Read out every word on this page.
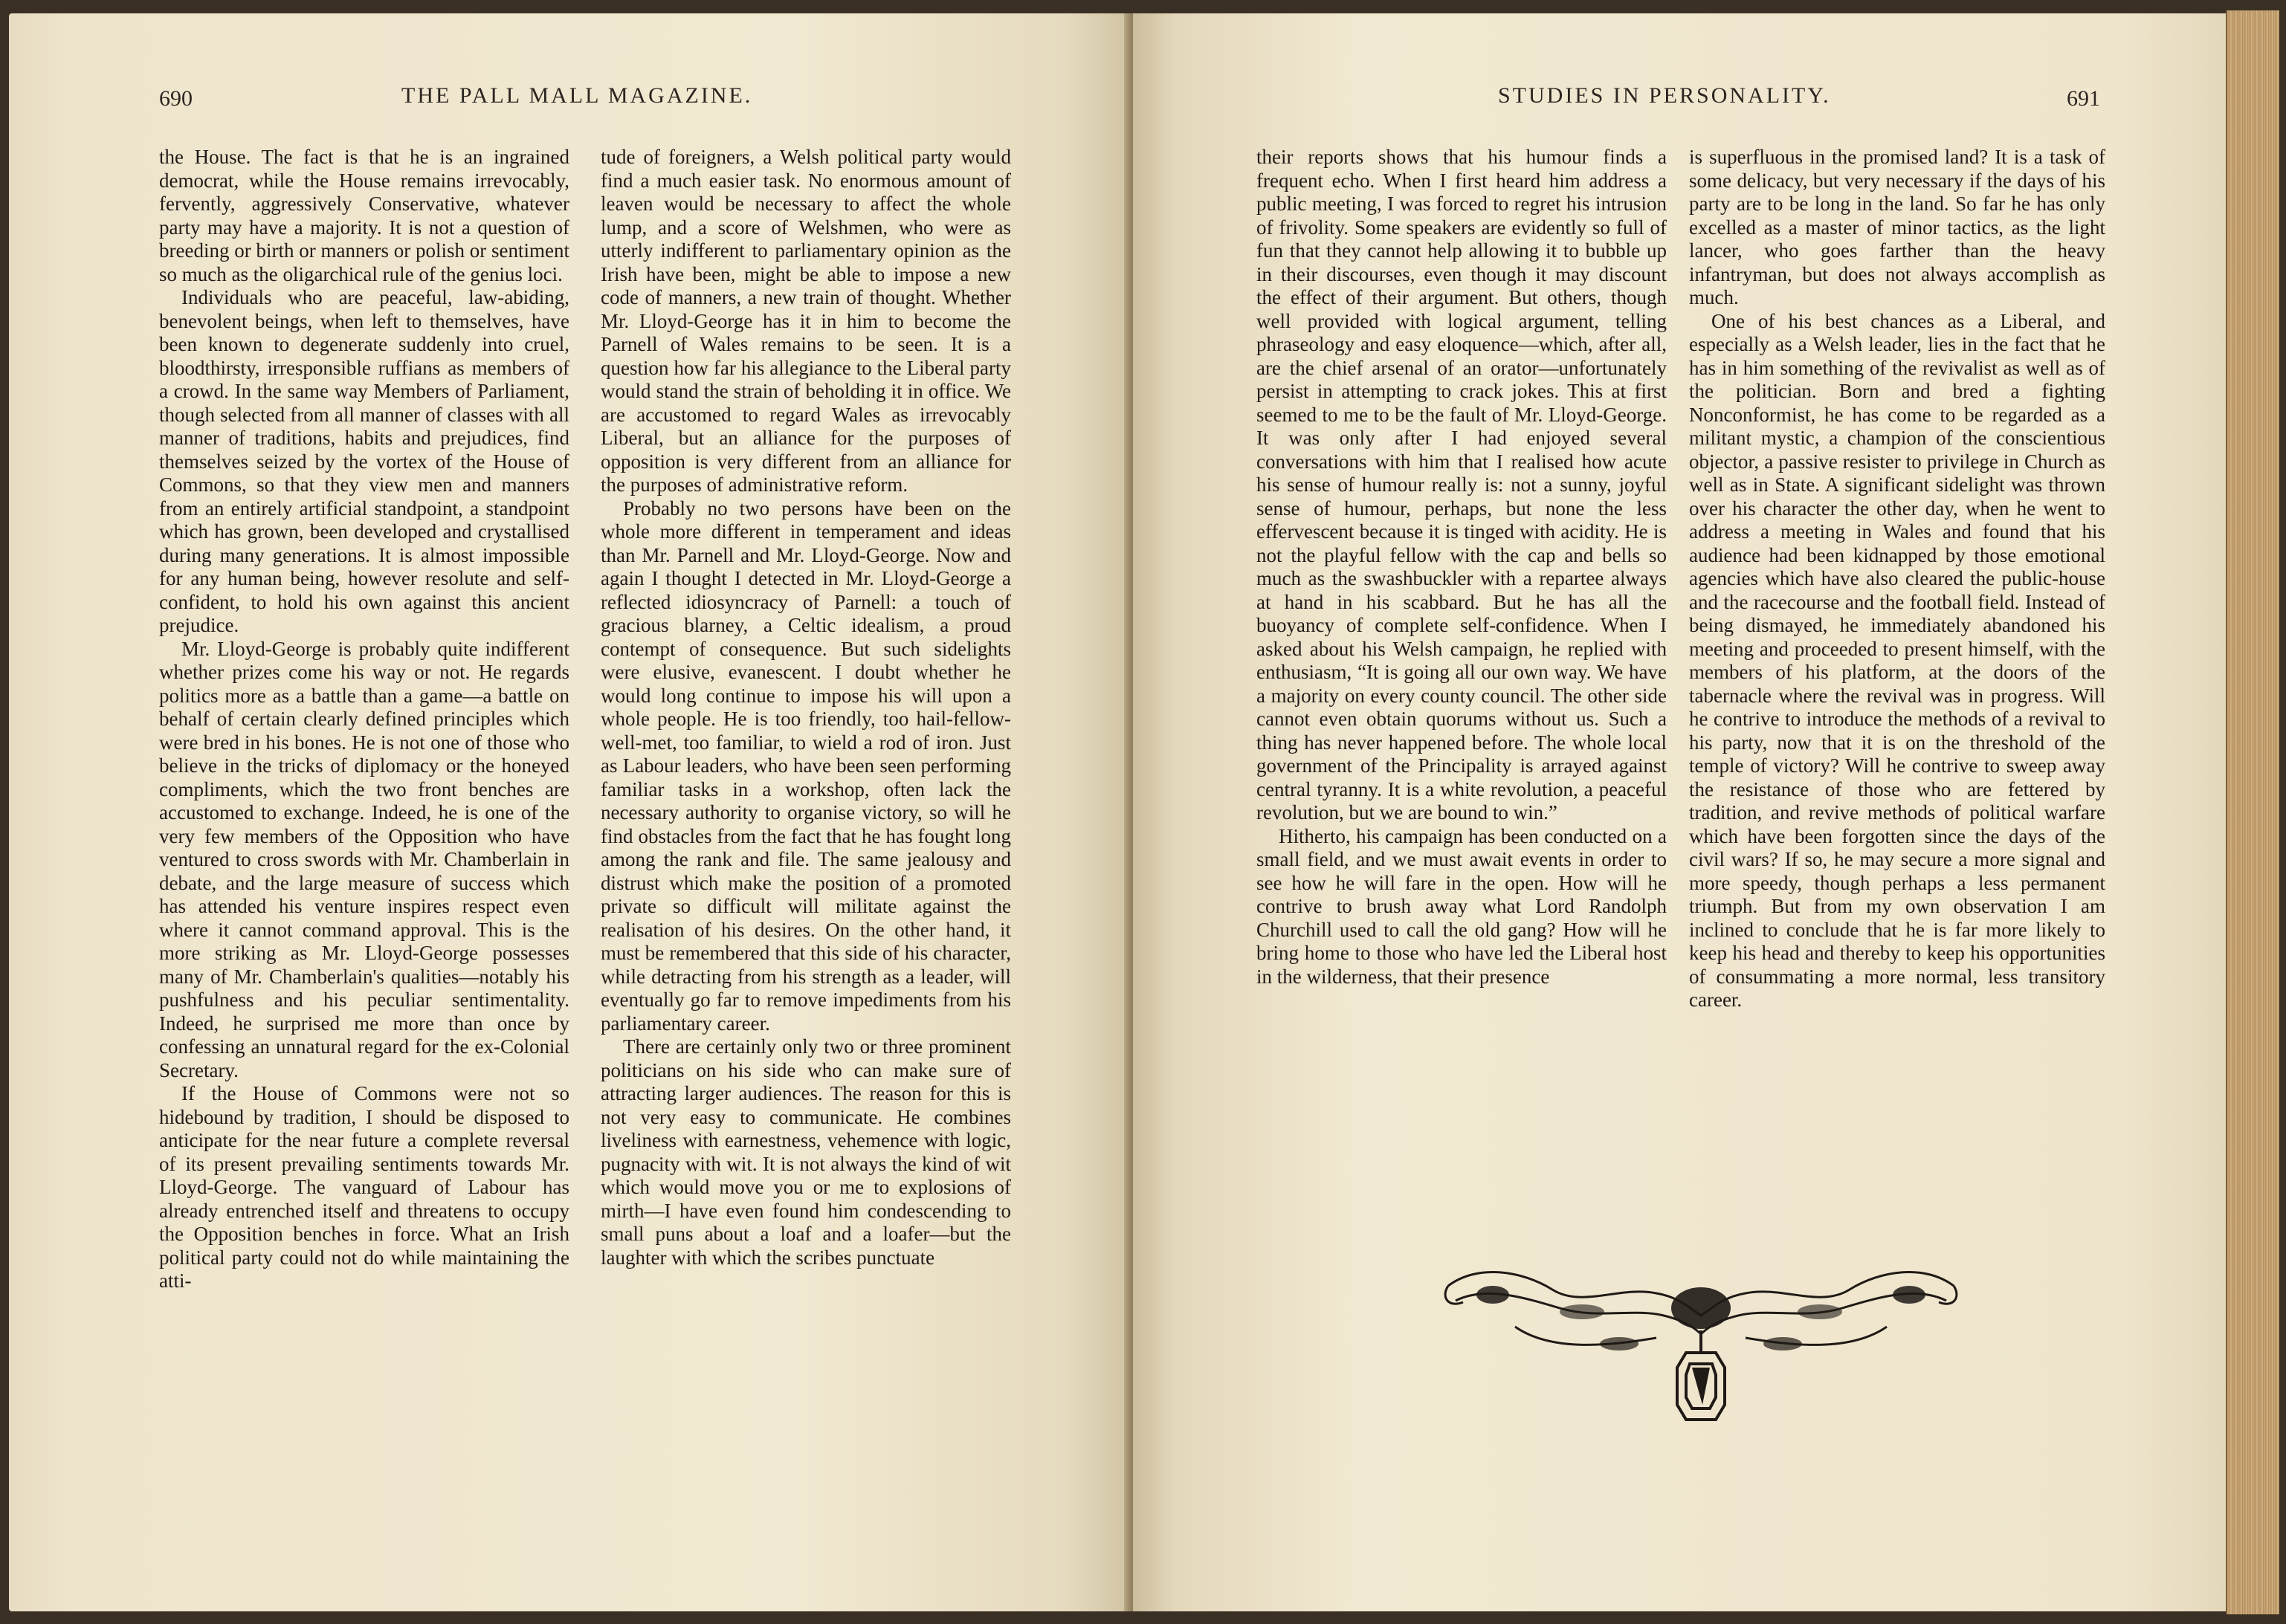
690	THE PALL MALL MAGAZINE.	STUDIES IN PERSONALITY.	691

the House. The fact is that he is an ingrained democrat, while the House remains irrevocably, fervently, aggressively Conservative, whatever party may have a majority. It is not a question of breeding or birth or manners or polish or sentiment so much as the oligarchical rule of the genius loci.

Individuals who are peaceful, law-abiding, benevolent beings, when left to themselves, have been known to degenerate suddenly into cruel, bloodthirsty, irresponsible ruffians as members of a crowd. In the same way Members of Parliament, though selected from all manner of classes with all manner of traditions, habits and prejudices, find themselves seized by the vortex of the House of Commons, so that they view men and manners from an entirely artificial standpoint, a standpoint which has grown, been developed and crystallised during many generations. It is almost impossible for any human being, however resolute and self-confident, to hold his own against this ancient prejudice.

Mr. Lloyd-George is probably quite indifferent whether prizes come his way or not. He regards politics more as a battle than a game—a battle on behalf of certain clearly defined principles which were bred in his bones. He is not one of those who believe in the tricks of diplomacy or the honeyed compliments, which the two front benches are accustomed to exchange. Indeed, he is one of the very few members of the Opposition who have ventured to cross swords with Mr. Chamberlain in debate, and the large measure of success which has attended his venture inspires respect even where it cannot command approval. This is the more striking as Mr. Lloyd-George possesses many of Mr. Chamberlain's qualities—notably his pushfulness and his peculiar sentimentality. Indeed, he surprised me more than once by confessing an unnatural regard for the ex-Colonial Secretary.

If the House of Commons were not so hidebound by tradition, I should be disposed to anticipate for the near future a complete reversal of its present prevailing sentiments towards Mr. Lloyd-George. The vanguard of Labour has already entrenched itself and threatens to occupy the Opposition benches in force. What an Irish political party could not do while maintaining the atti-

tude of foreigners, a Welsh political party would find a much easier task. No enormous amount of leaven would be necessary to affect the whole lump, and a score of Welshmen, who were as utterly indifferent to parliamentary opinion as the Irish have been, might be able to impose a new code of manners, a new train of thought. Whether Mr. Lloyd-George has it in him to become the Parnell of Wales remains to be seen. It is a question how far his allegiance to the Liberal party would stand the strain of beholding it in office. We are accustomed to regard Wales as irrevocably Liberal, but an alliance for the purposes of opposition is very different from an alliance for the purposes of administrative reform.

Probably no two persons have been on the whole more different in temperament and ideas than Mr. Parnell and Mr. Lloyd-George. Now and again I thought I detected in Mr. Lloyd-George a reflected idiosyncracy of Parnell: a touch of gracious blarney, a Celtic idealism, a proud contempt of consequence. But such sidelights were elusive, evanescent. I doubt whether he would long continue to impose his will upon a whole people. He is too friendly, too hail-fellow-well-met, too familiar, to wield a rod of iron. Just as Labour leaders, who have been seen performing familiar tasks in a workshop, often lack the necessary authority to organise victory, so will he find obstacles from the fact that he has fought long among the rank and file. The same jealousy and distrust which make the position of a promoted private so difficult will militate against the realisation of his desires. On the other hand, it must be remembered that this side of his character, while detracting from his strength as a leader, will eventually go far to remove impediments from his parliamentary career.

There are certainly only two or three prominent politicians on his side who can make sure of attracting larger audiences. The reason for this is not very easy to communicate. He combines liveliness with earnestness, vehemence with logic, pugnacity with wit. It is not always the kind of wit which would move you or me to explosions of mirth—I have even found him condescending to small puns about a loaf and a loafer—but the laughter with which the scribes punctuate

their reports shows that his humour finds a frequent echo. When I first heard him address a public meeting, I was forced to regret his intrusion of frivolity. Some speakers are evidently so full of fun that they cannot help allowing it to bubble up in their discourses, even though it may discount the effect of their argument. But others, though well provided with logical argument, telling phraseology and easy eloquence—which, after all, are the chief arsenal of an orator—unfortunately persist in attempting to crack jokes. This at first seemed to me to be the fault of Mr. Lloyd-George. It was only after I had enjoyed several conversations with him that I realised how acute his sense of humour really is: not a sunny, joyful sense of humour, perhaps, but none the less effervescent because it is tinged with acidity. He is not the playful fellow with the cap and bells so much as the swashbuckler with a repartee always at hand in his scabbard. But he has all the buoyancy of complete self-confidence. When I asked about his Welsh campaign, he replied with enthusiasm, “It is going all our own way. We have a majority on every county council. The other side cannot even obtain quorums without us. Such a thing has never happened before. The whole local government of the Principality is arrayed against central tyranny. It is a white revolution, a peaceful revolution, but we are bound to win.”

Hitherto, his campaign has been conducted on a small field, and we must await events in order to see how he will fare in the open. How will he contrive to brush away what Lord Randolph Churchill used to call the old gang? How will he bring home to those who have led the Liberal host in the wilderness, that their presence

is superfluous in the promised land? It is a task of some delicacy, but very necessary if the days of his party are to be long in the land. So far he has only excelled as a master of minor tactics, as the light lancer, who goes farther than the heavy infantryman, but does not always accomplish as much.

One of his best chances as a Liberal, and especially as a Welsh leader, lies in the fact that he has in him something of the revivalist as well as of the politician. Born and bred a fighting Nonconformist, he has come to be regarded as a militant mystic, a champion of the conscientious objector, a passive resister to privilege in Church as well as in State. A significant sidelight was thrown over his character the other day, when he went to address a meeting in Wales and found that his audience had been kidnapped by those emotional agencies which have also cleared the public-house and the racecourse and the football field. Instead of being dismayed, he immediately abandoned his meeting and proceeded to present himself, with the members of his platform, at the doors of the tabernacle where the revival was in progress. Will he contrive to introduce the methods of a revival to his party, now that it is on the threshold of the temple of victory? Will he contrive to sweep away the resistance of those who are fettered by tradition, and revive methods of political warfare which have been forgotten since the days of the civil wars? If so, he may secure a more signal and more speedy, though perhaps a less permanent triumph. But from my own observation I am inclined to conclude that he is far more likely to keep his head and thereby to keep his opportunities of consummating a more normal, less transitory career.
